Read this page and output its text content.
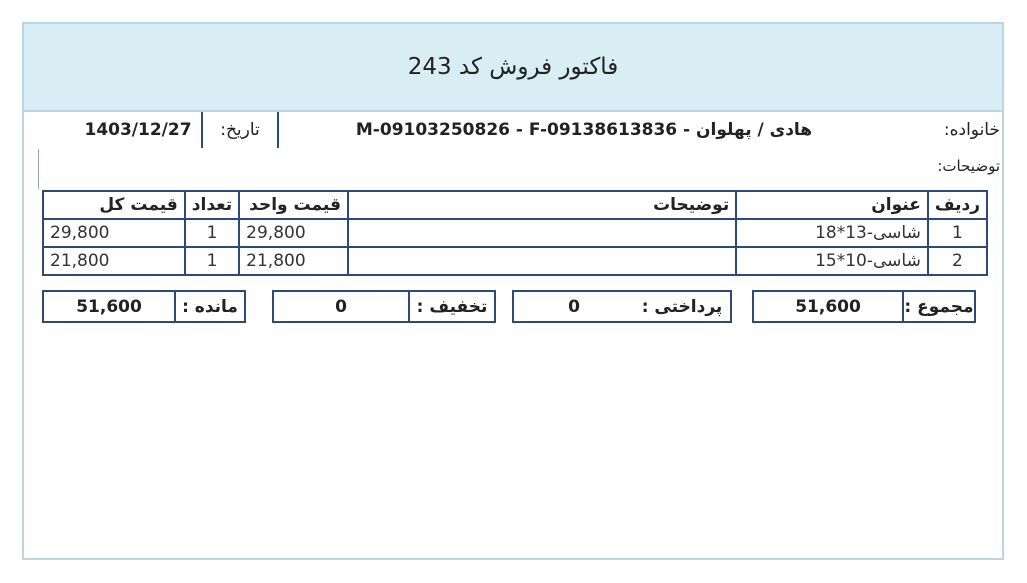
فاکتور فروش کد 243
1403/12/27	تاریخ:	هادی / پهلوان - M-09103250826 - F-09138613836	خانواده:
توضیحات:
ردیف	عنوان	توضیحات	قیمت واحد	تعداد	قیمت کل
1	شاسی-13*18		29,800	1	29,800
2	شاسی-10*15		21,800	1	21,800
مجموع :
51,600
پرداختی :
0
تخفیف :
0
مانده :
51,600
